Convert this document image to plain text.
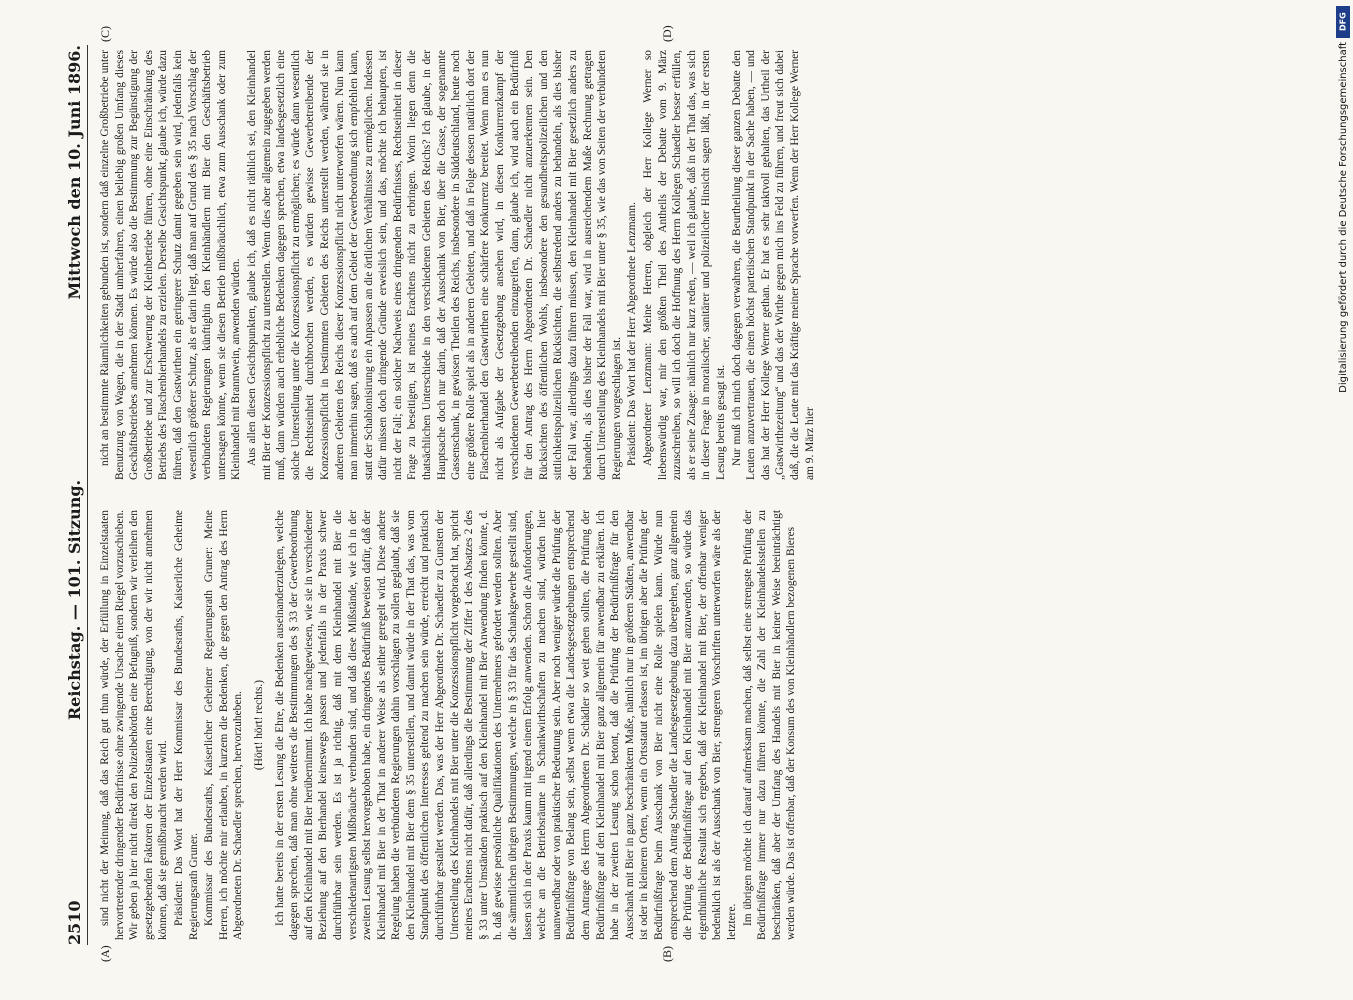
2510
Reichstag. — 101. Sitzung.
Mittwoch den 10. Juni 1896.
(A)	(B)
(C)	(D)

sind nicht der Meinung, daß das Reich gut thun würde, der Erfüllung in Einzelstaaten hervortretender dringender Bedürfnisse ohne zwingende Ursache einen Riegel vorzuschieben. Wir geben ja hier nicht direkt den Polizeibehörden eine Befugniß, sondern wir verleihen den gesetzgebenden Faktoren der Einzelstaaten eine Berechtigung, von der wir nicht annehmen können, daß sie gemißbraucht werden wird. Präsident: Das Wort hat der Herr Kommissar des Bundesraths, Kaiserliche Geheime Regierungsrath Gruner. Kommissar des Bundesraths, Kaiserlicher Geheimer Regierungsrath Gruner: Meine Herren, ich möchte mir erlauben, in kurzem die Bedenken, die gegen den Antrag des Herrn Abgeordneten Dr. Schaedler sprechen, hervorzuheben. (Hört! hört! rechts.) Ich hatte bereits in der ersten Lesung die Ehre, die Bedenken auseinanderzulegen, welche dagegen sprechen, daß man ohne weiteres die Bestimmungen des § 33 der Gewerbeordnung auf den Kleinhandel mit Bier herübernimmt. Ich habe nachgewiesen, wie sie in verschiedener Beziehung auf den Bierhandel keineswegs passen und jedenfalls in der Praxis schwer durchführbar sein werden. Es ist ja richtig, daß mit dem Kleinhandel mit Bier die verschiedenartigsten Mißbräuche verbunden sind, und daß diese Mißstände, wie ich in der zweiten Lesung selbst hervorgehoben habe, ein dringendes Bedürfniß beweisen dafür, daß der Kleinhandel mit Bier in der That in anderer Weise als seither geregelt wird. Diese andere Regelung haben die verbündeten Regierungen dahin vorschlagen zu sollen geglaubt, daß sie den Kleinhandel mit Bier dem § 35 unterstellen, und damit würde in der That das, was vom Standpunkt des öffentlichen Interesses geltend zu machen sein würde, erreicht und praktisch durchführbar gestaltet werden. Das, was der Herr Abgeordnete Dr. Schaedler zu Gunsten der Unterstellung des Kleinhandels mit Bier unter die Konzessionspflicht vorgebracht hat, spricht meines Erachtens nicht dafür, daß allerdings die Bestimmung der Ziffer 1 des Absatzes 2 des § 33 unter Umständen praktisch auf den Kleinhandel mit Bier Anwendung finden könnte, d. h. daß gewisse persönliche Qualifikationen des Unternehmers gefordert werden sollten. Aber die sämmtlichen übrigen Bestimmungen, welche in § 33 für das Schankgewerbe gestellt sind, lassen sich in der Praxis kaum mit irgend einem Erfolg anwenden. Schon die Anforderungen, welche an die Betriebsräume in Schankwirthschaften zu machen sind, würden hier unanwendbar oder von praktischer Bedeutung sein. Aber noch weniger würde die Prüfung der Bedürfnißfrage von Belang sein, selbst wenn etwa die Landesgesetzgebungen entsprechend dem Antrage des Herrn Abgeordneten Dr. Schädler so weit gehen sollten, die Prüfung der Bedürfnißfrage auf den Kleinhandel mit Bier ganz allgemein für anwendbar zu erklären. Ich habe in der zweiten Lesung schon betont, daß die Prüfung der Bedürfnißfrage für den Ausschank mit Bier in ganz beschränktem Maße, nämlich nur in größeren Städten, anwendbar ist oder in kleineren Orten, wenn ein Ortsstatut erlassen ist, im übrigen aber die Prüfung der Bedürfnißfrage beim Ausschank von Bier nicht eine Rolle spielen kann. Würde nun entsprechend dem Antrag Schaedler die Landesgesetzgebung dazu übergehen, ganz allgemein die Prüfung der Bedürfnißfrage auf den Kleinhandel mit Bier anzuwenden, so würde das eigenthümliche Resultat sich ergeben, daß der Kleinhandel mit Bier, der offenbar weniger bedenklich ist als der Ausschank von Bier, strengeren Vorschriften unterworfen wäre als der letztere. Im übrigen möchte ich darauf aufmerksam machen, daß selbst eine strengste Prüfung der Bedürfnißfrage immer nur dazu führen könnte, die Zahl der Kleinhandelsstellen zu beschränken, daß aber der Umfang des Handels mit Bier in keiner Weise beeinträchtigt werden würde. Das ist offenbar, daß der Konsum des von Kleinhändlern bezogenen Bieres

nicht an bestimmte Räumlichkeiten gebunden ist, sondern daß einzelne Großbetriebe unter Benutzung von Wagen, die in der Stadt umherfahren, einen beliebig großen Umfang dieses Geschäftsbetriebes annehmen können. Es würde also die Bestimmung zur Begünstigung der Großbetriebe und zur Erschwerung der Kleinbetriebe führen, ohne eine Einschränkung des Betriebs des Flaschenbierhandels zu erzielen. Derselbe Gesichtspunkt, glaube ich, würde dazu führen, daß den Gastwirthen ein geringerer Schutz damit gegeben sein wird, jedenfalls kein wesentlich größerer Schutz, als er darin liegt, daß man auf Grund des § 35 nach Vorschlag der verbündeten Regierungen künftighin den Kleinhändlern mit Bier den Geschäftsbetrieb untersagen könnte, wenn sie diesen Betrieb mißbräuchlich, etwa zum Ausschank oder zum Kleinhandel mit Branntwein, anwenden würden. Aus allen diesen Gesichtspunkten, glaube ich, daß es nicht räthlich sei, den Kleinhandel mit Bier der Konzessionspflicht zu unterstellen. Wenn dies aber allgemein zugegeben werden muß, dann würden auch erhebliche Bedenken dagegen sprechen, etwa landesgesetzlich eine solche Unterstellung unter die Konzessionspflicht zu ermöglichen; es würde dann wesentlich die Rechtseinheit durchbrochen werden, es würden gewisse Gewerbetreibende der Konzessionspflicht in bestimmten Gebieten des Reichs unterstellt werden, während sie in anderen Gebieten des Reichs dieser Konzessionspflicht nicht unterworfen wären. Nun kann man immerhin sagen, daß es auch auf dem Gebiet der Gewerbeordnung sich empfehlen kann, statt der Schablonisirung ein Anpassen an die örtlichen Verhältnisse zu ermöglichen. Indessen dafür müssen doch dringende Gründe erweislich sein, und das, möchte ich behaupten, ist nicht der Fall; ein solcher Nachweis eines dringenden Bedürfnisses, Rechtseinheit in dieser Frage zu beseitigen, ist meines Erachtens nicht zu erbringen. Worin liegen denn die thatsächlichen Unterschiede in den verschiedenen Gebieten des Reichs? Ich glaube, in der Hauptsache doch nur darin, daß der Ausschank von Bier, über die Gasse, der sogenannte Gassenschank, in gewissen Theilen des Reichs, insbesondere in Süddeutschland, heute noch eine größere Rolle spielt als in anderen Gebieten, und daß in Folge dessen natürlich dort der Flaschenbierhandel den Gastwirthen eine schärfere Konkurrenz bereitet. Wenn man es nun nicht als Aufgabe der Gesetzgebung ansehen wird, in diesen Konkurrenzkampf der verschiedenen Gewerbetreibenden einzugreifen, dann, glaube ich, wird auch ein Bedürfniß für den Antrag des Herrn Abgeordneten Dr. Schaedler nicht anzuerkennen sein. Den Rücksichten des öffentlichen Wohls, insbesondere den gesundheitspolizeilichen und den sittlichkeitspolizeilichen Rücksichten, die selbstredend anders zu behandeln, als dies bisher der Fall war, allerdings dazu führen müssen, den Kleinhandel mit Bier gesetzlich anders zu behandeln, als dies bisher der Fall war, wird in ausreichendem Maße Rechnung getragen durch Unterstellung des Kleinhandels mit Bier unter § 35, wie das von Seiten der verbündeten Regierungen vorgeschlagen ist. Präsident: Das Wort hat der Herr Abgeordnete Lenzmann. Abgeordneter Lenzmann: Meine Herren, obgleich der Herr Kollege Werner so liebenswürdig war, mir den größten Theil des Antheils der Debatte vom 9. März zuzuschreiben, so will ich doch die Hoffnung des Herrn Kollegen Schaedler besser erfüllen, als er seine Zusage: nämlich nur kurz reden, — weil ich glaube, daß in der That das, was sich in dieser Frage in moralischer, sanitärer und polizeilicher Hinsicht sagen läßt, in der ersten Lesung bereits gesagt ist. Nur muß ich mich doch dagegen verwahren, die Beurtheilung dieser ganzen Debatte den Leuten anzuvertrauen, die einen höchst parteiischen Standpunkt in der Sache haben, — und das hat der Herr Kollege Werner gethan. Er hat es sehr taktvoll gehalten, das Urtheil der „Gastwirthezeitung“ und das der Wirthe gegen mich ins Feld zu führen, und freut sich dabei daß, die die Leute mit das Kräftige meiner Sprache vorwerfen. Wenn der Herr Kollege Werner am 9. März hier

DFG
Digitalisierung gefördert durch die Deutsche Forschungsgemeinschaft
